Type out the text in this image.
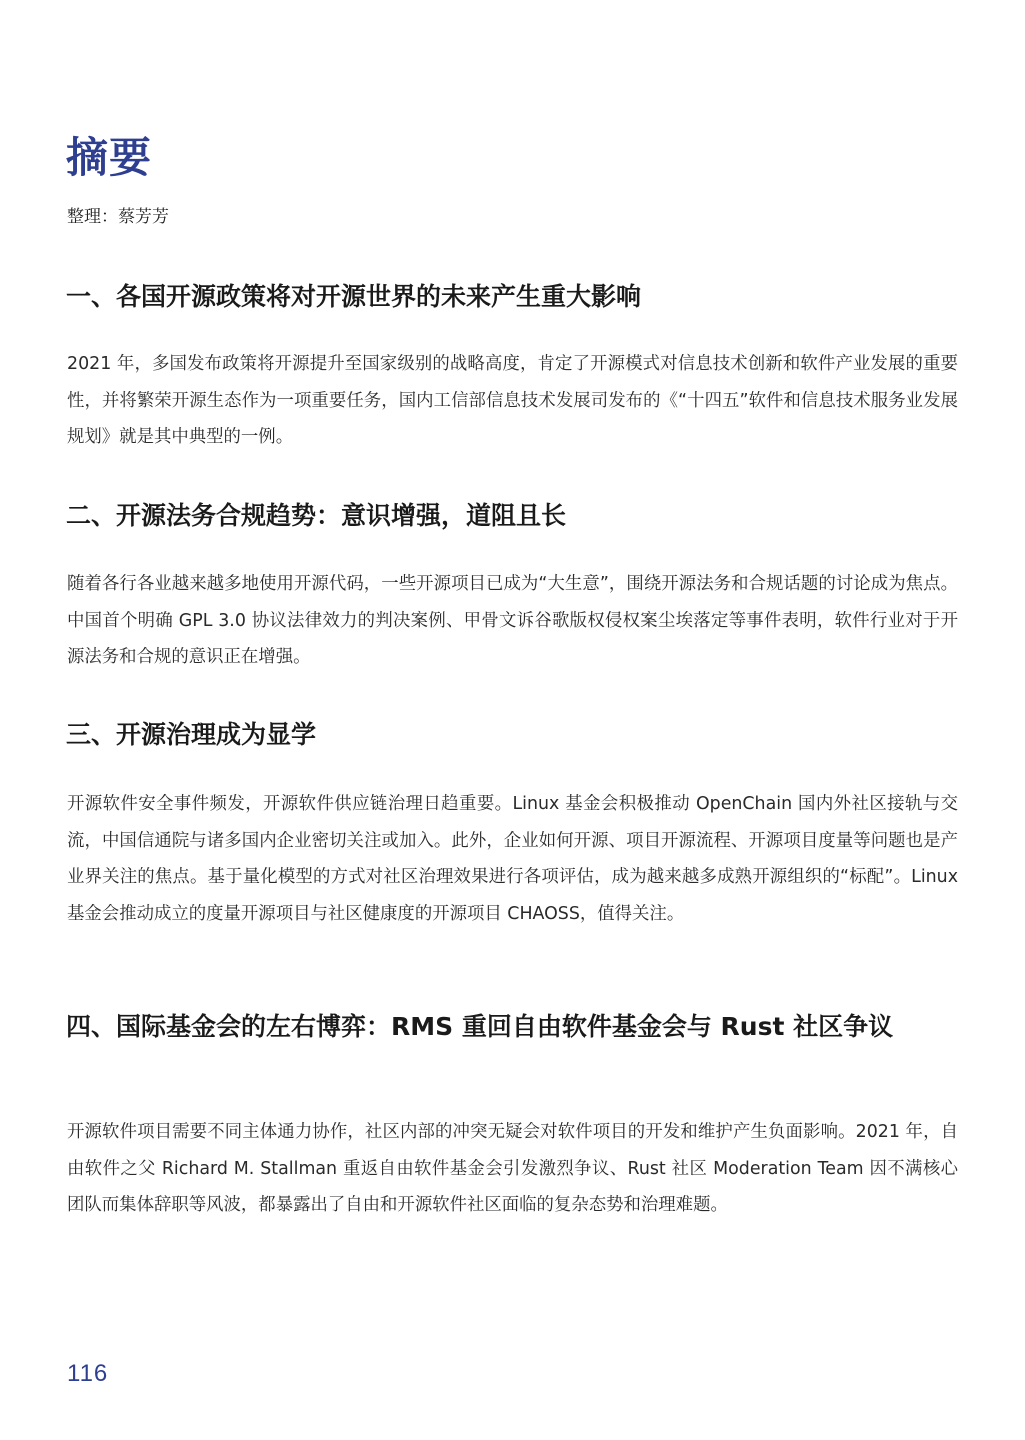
摘要
整理：蔡芳芳
一、各国开源政策将对开源世界的未来产生重大影响
2021 年，多国发布政策将开源提升至国家级别的战略高度，肯定了开源模式对信息技术创新和软件产业发展的重要性，并将繁荣开源生态作为一项重要任务，国内工信部信息技术发展司发布的《“十四五”软件和信息技术服务业发展规划》就是其中典型的一例。
二、开源法务合规趋势：意识增强，道阻且长
随着各行各业越来越多地使用开源代码，一些开源项目已成为“大生意”，围绕开源法务和合规话题的讨论成为焦点。中国首个明确 GPL 3.0 协议法律效力的判决案例、甲骨文诉谷歌版权侵权案尘埃落定等事件表明，软件行业对于开源法务和合规的意识正在增强。
三、开源治理成为显学
开源软件安全事件频发，开源软件供应链治理日趋重要。Linux 基金会积极推动 OpenChain 国内外社区接轨与交流，中国信通院与诸多国内企业密切关注或加入。此外，企业如何开源、项目开源流程、开源项目度量等问题也是产业界关注的焦点。基于量化模型的方式对社区治理效果进行各项评估，成为越来越多成熟开源组织的“标配”。Linux 基金会推动成立的度量开源项目与社区健康度的开源项目 CHAOSS，值得关注。
四、国际基金会的左右博弈：RMS 重回自由软件基金会与 Rust 社区争议
开源软件项目需要不同主体通力协作，社区内部的冲突无疑会对软件项目的开发和维护产生负面影响。2021 年，自由软件之父 Richard M. Stallman 重返自由软件基金会引发激烈争议、Rust 社区 Moderation Team 因不满核心团队而集体辞职等风波，都暴露出了自由和开源软件社区面临的复杂态势和治理难题。
116
